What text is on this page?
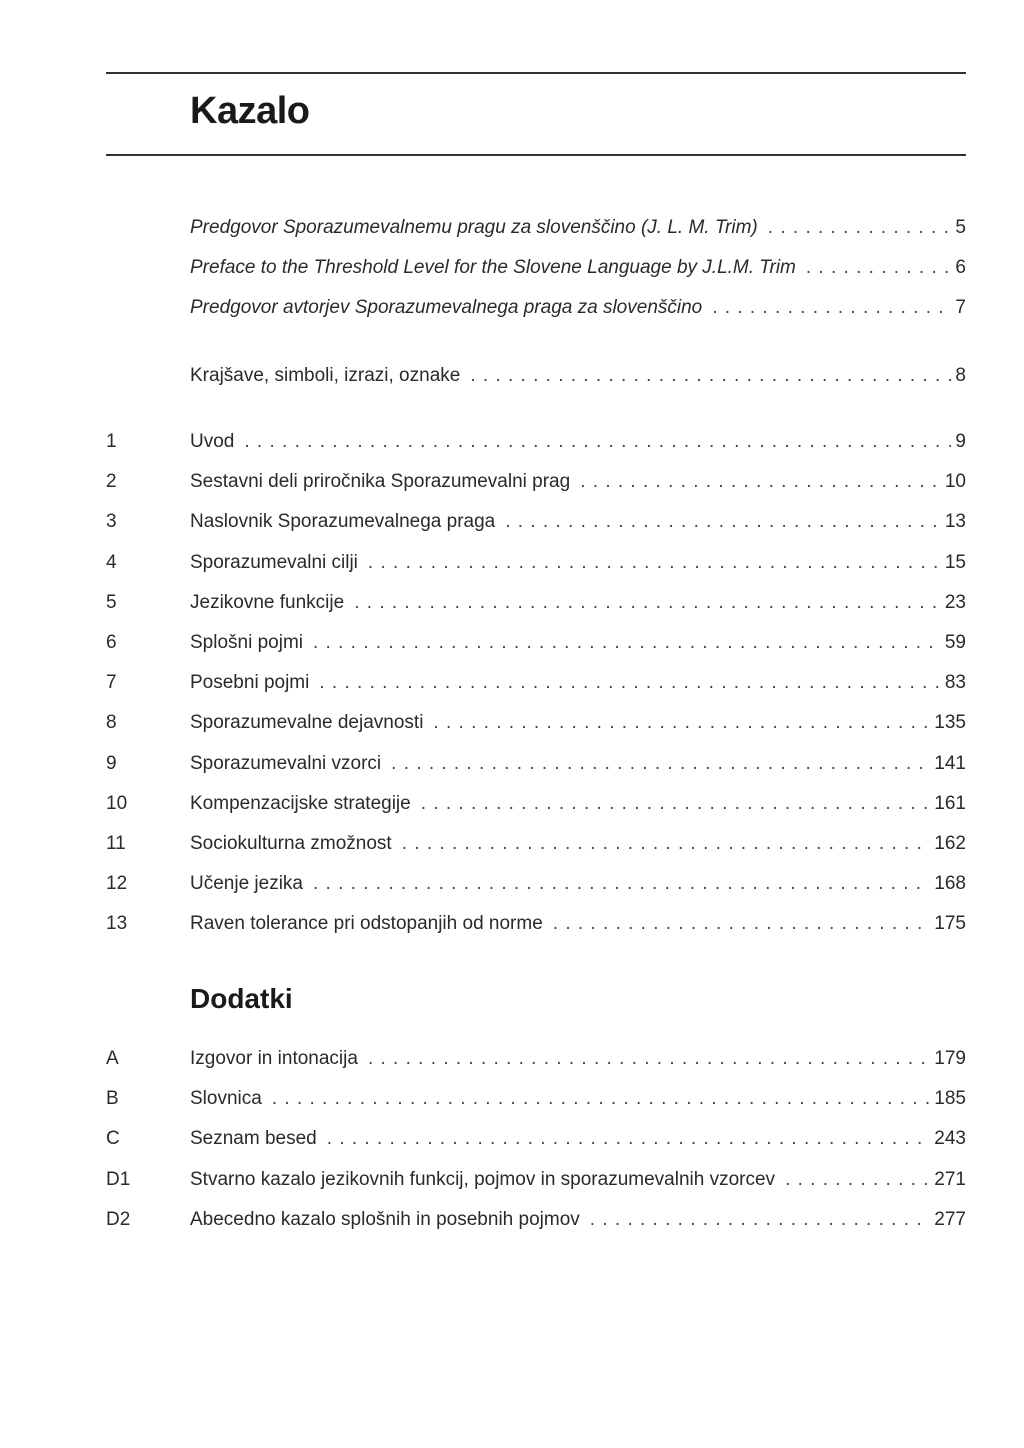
Kazalo
Predgovor Sporazumevalnemu pragu za slovenščino (J. L. M. Trim) . . .	5
Preface to the Threshold Level for the Slovene Language by J.L.M. Trim . . .	6
Predgovor avtorjev Sporazumevalnega praga za slovenščino . . .	7
Krajšave, simboli, izrazi, oznake . . .	8
1	Uvod . . .	9
2	Sestavni deli priročnika Sporazumevalni prag . . .	10
3	Naslovnik Sporazumevalnega praga . . .	13
4	Sporazumevalni cilji . . .	15
5	Jezikovne funkcije . . .	23
6	Splošni pojmi . . .	59
7	Posebni pojmi . . .	83
8	Sporazumevalne dejavnosti . . .	135
9	Sporazumevalni vzorci . . .	141
10	Kompenzacijske strategije . . .	161
11	Sociokulturna zmožnost . . .	162
12	Učenje jezika . . .	168
13	Raven tolerance pri odstopanjih od norme . . .	175
Dodatki
A	Izgovor in intonacija . . .	179
B	Slovnica . . .	185
C	Seznam besed . . .	243
D1	Stvarno kazalo jezikovnih funkcij, pojmov in sporazumevalnih vzorcev . . .	271
D2	Abecedno kazalo splošnih in posebnih pojmov . . .	277
